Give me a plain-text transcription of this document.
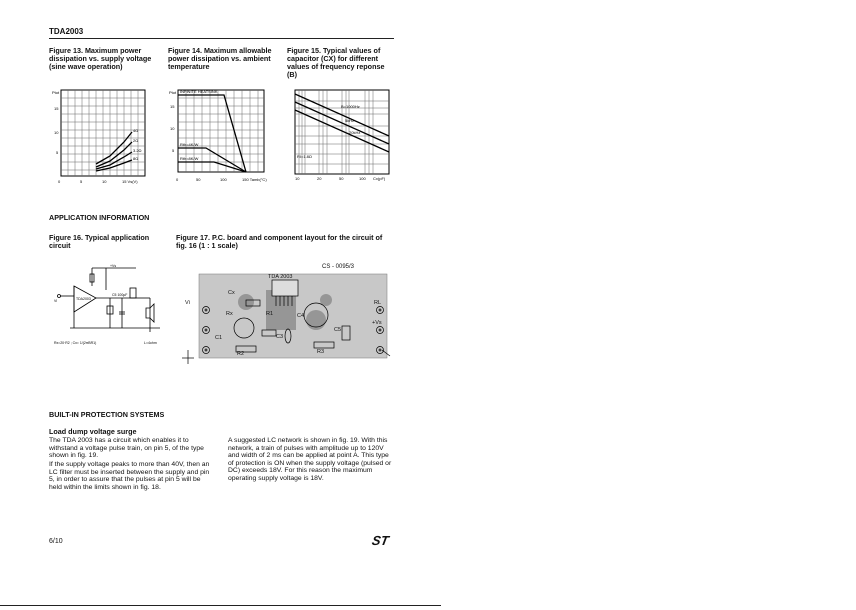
TDA2003
Figure 13. Maximum power
dissipation vs. supply voltage
(sine wave operation)
Figure 14. Maximum allowable
power dissipation vs. ambient
temperature
Figure 15. Typical values of
capacitor (CX) for different
values of frequency reponse
(B)
4Ω
2Ω
3.2Ω
8Ω
Ptot
15
10
5
0	5	10	15 Vs(V)
INFINITE HEATSINK
Rth=4K/W
Rth=8K/W
Ptot
15
10
5
0	50	100	150 Tamb(°C)
B=1000Hz
5kHz
20kHz
RI=1.8Ω
10	20	50	100 Cx(pF)
APPLICATION INFORMATION
Figure 16. Typical application
circuit
Figure 17. P.C. board and component layout for the circuit of
fig. 16 (1 : 1 scale)
TDA2003
+Vs
C5 100µF
Vi
Rx≈20·R2 ; Cx≈ 1/(2πBR1)	L=4ohm
CS - 0095/3
TDA 2003
Cx
R1
Rx	C4
C5
C1	C3
R2	R3
Vi	RL
+Vs
BUILT-IN PROTECTION SYSTEMS
Load dump voltage surge
The TDA 2003 has a circuit which enables it to withstand a voltage pulse train, on pin 5, of the type shown in fig. 19.
If the supply voltage peaks to more than 40V, then an LC filter must be inserted between the supply and pin 5, in order to assure that the pulses at pin 5 will be held within the limits shown in fig. 18.
A suggested LC network is shown in fig. 19. With this network, a train of pulses with amplitude up to 120V and width of 2 ms can be applied at point A. This type of protection is ON when the supply voltage (pulsed or DC) exceeds 18V. For this reason the maximum operating supply voltage is 18V.
6/10	ST
